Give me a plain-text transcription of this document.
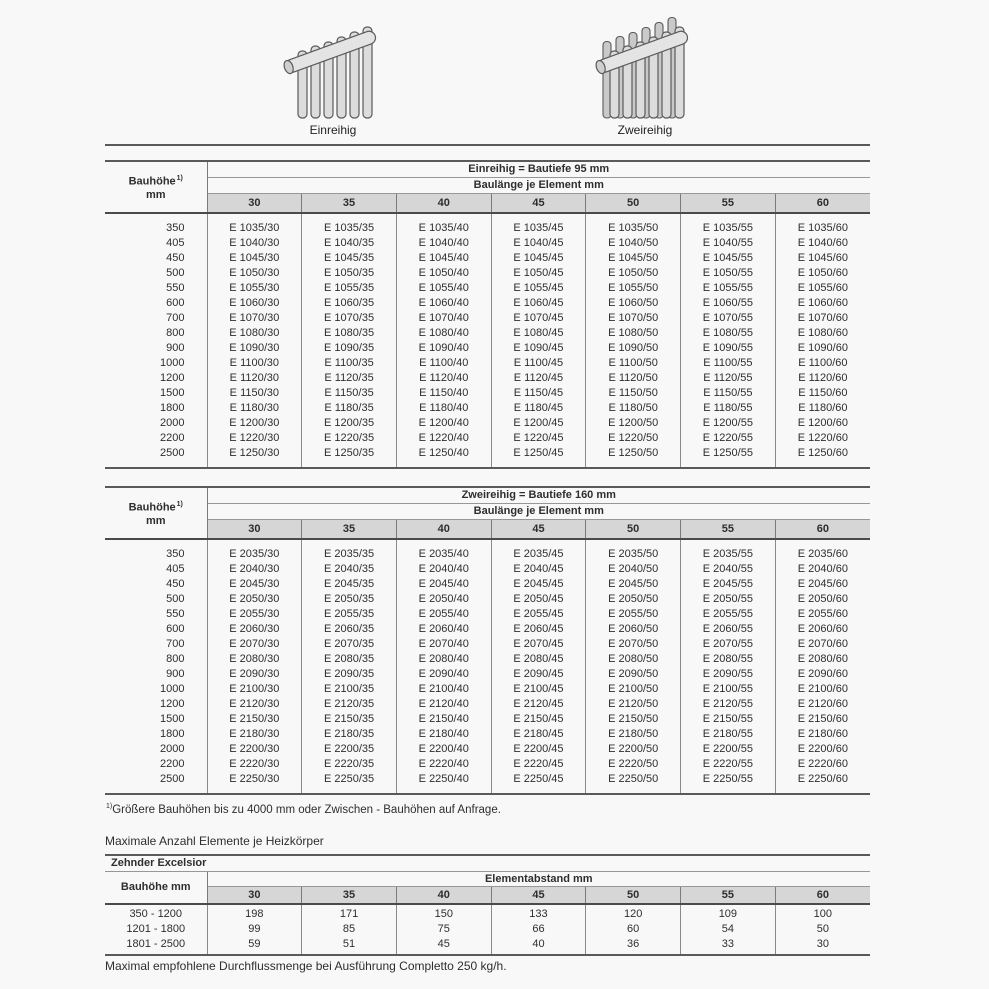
Einreihig	Zweireihig
Bauhöhe$^{1)}$
mm	Einreihig = Bautiefe 95 mm						
	Baulänge je Element mm						
	30	35	40	45	50	55	60
350	E 1035/30	E 1035/35	E 1035/40	E 1035/45	E 1035/50	E 1035/55	E 1035/60
405	E 1040/30	E 1040/35	E 1040/40	E 1040/45	E 1040/50	E 1040/55	E 1040/60
450	E 1045/30	E 1045/35	E 1045/40	E 1045/45	E 1045/50	E 1045/55	E 1045/60
500	E 1050/30	E 1050/35	E 1050/40	E 1050/45	E 1050/50	E 1050/55	E 1050/60
550	E 1055/30	E 1055/35	E 1055/40	E 1055/45	E 1055/50	E 1055/55	E 1055/60
600	E 1060/30	E 1060/35	E 1060/40	E 1060/45	E 1060/50	E 1060/55	E 1060/60
700	E 1070/30	E 1070/35	E 1070/40	E 1070/45	E 1070/50	E 1070/55	E 1070/60
800	E 1080/30	E 1080/35	E 1080/40	E 1080/45	E 1080/50	E 1080/55	E 1080/60
900	E 1090/30	E 1090/35	E 1090/40	E 1090/45	E 1090/50	E 1090/55	E 1090/60
1000	E 1100/30	E 1100/35	E 1100/40	E 1100/45	E 1100/50	E 1100/55	E 1100/60
1200	E 1120/30	E 1120/35	E 1120/40	E 1120/45	E 1120/50	E 1120/55	E 1120/60
1500	E 1150/30	E 1150/35	E 1150/40	E 1150/45	E 1150/50	E 1150/55	E 1150/60
1800	E 1180/30	E 1180/35	E 1180/40	E 1180/45	E 1180/50	E 1180/55	E 1180/60
2000	E 1200/30	E 1200/35	E 1200/40	E 1200/45	E 1200/50	E 1200/55	E 1200/60
2200	E 1220/30	E 1220/35	E 1220/40	E 1220/45	E 1220/50	E 1220/55	E 1220/60
2500	E 1250/30	E 1250/35	E 1250/40	E 1250/45	E 1250/50	E 1250/55	E 1250/60
Bauhöhe$^{1)}$
mm	Zweireihig = Bautiefe 160 mm						
	Baulänge je Element mm						
	30	35	40	45	50	55	60
350	E 2035/30	E 2035/35	E 2035/40	E 2035/45	E 2035/50	E 2035/55	E 2035/60
405	E 2040/30	E 2040/35	E 2040/40	E 2040/45	E 2040/50	E 2040/55	E 2040/60
450	E 2045/30	E 2045/35	E 2045/40	E 2045/45	E 2045/50	E 2045/55	E 2045/60
500	E 2050/30	E 2050/35	E 2050/40	E 2050/45	E 2050/50	E 2050/55	E 2050/60
550	E 2055/30	E 2055/35	E 2055/40	E 2055/45	E 2055/50	E 2055/55	E 2055/60
600	E 2060/30	E 2060/35	E 2060/40	E 2060/45	E 2060/50	E 2060/55	E 2060/60
700	E 2070/30	E 2070/35	E 2070/40	E 2070/45	E 2070/50	E 2070/55	E 2070/60
800	E 2080/30	E 2080/35	E 2080/40	E 2080/45	E 2080/50	E 2080/55	E 2080/60
900	E 2090/30	E 2090/35	E 2090/40	E 2090/45	E 2090/50	E 2090/55	E 2090/60
1000	E 2100/30	E 2100/35	E 2100/40	E 2100/45	E 2100/50	E 2100/55	E 2100/60
1200	E 2120/30	E 2120/35	E 2120/40	E 2120/45	E 2120/50	E 2120/55	E 2120/60
1500	E 2150/30	E 2150/35	E 2150/40	E 2150/45	E 2150/50	E 2150/55	E 2150/60
1800	E 2180/30	E 2180/35	E 2180/40	E 2180/45	E 2180/50	E 2180/55	E 2180/60
2000	E 2200/30	E 2200/35	E 2200/40	E 2200/45	E 2200/50	E 2200/55	E 2200/60
2200	E 2220/30	E 2220/35	E 2220/40	E 2220/45	E 2220/50	E 2220/55	E 2220/60
2500	E 2250/30	E 2250/35	E 2250/40	E 2250/45	E 2250/50	E 2250/55	E 2250/60
$^{1)}$Größere Bauhöhen bis zu 4000 mm oder Zwischen - Bauhöhen auf Anfrage.
Maximale Anzahl Elemente je Heizkörper
Zehnder Excelsior							
Bauhöhe mm	Elementabstand mm						
	30	35	40	45	50	55	60
350 - 1200	198	171	150	133	120	109	100
1201 - 1800	99	85	75	66	60	54	50
1801 - 2500	59	51	45	40	36	33	30
Maximal empfohlene Durchflussmenge bei Ausführung Completto 250 kg/h.
